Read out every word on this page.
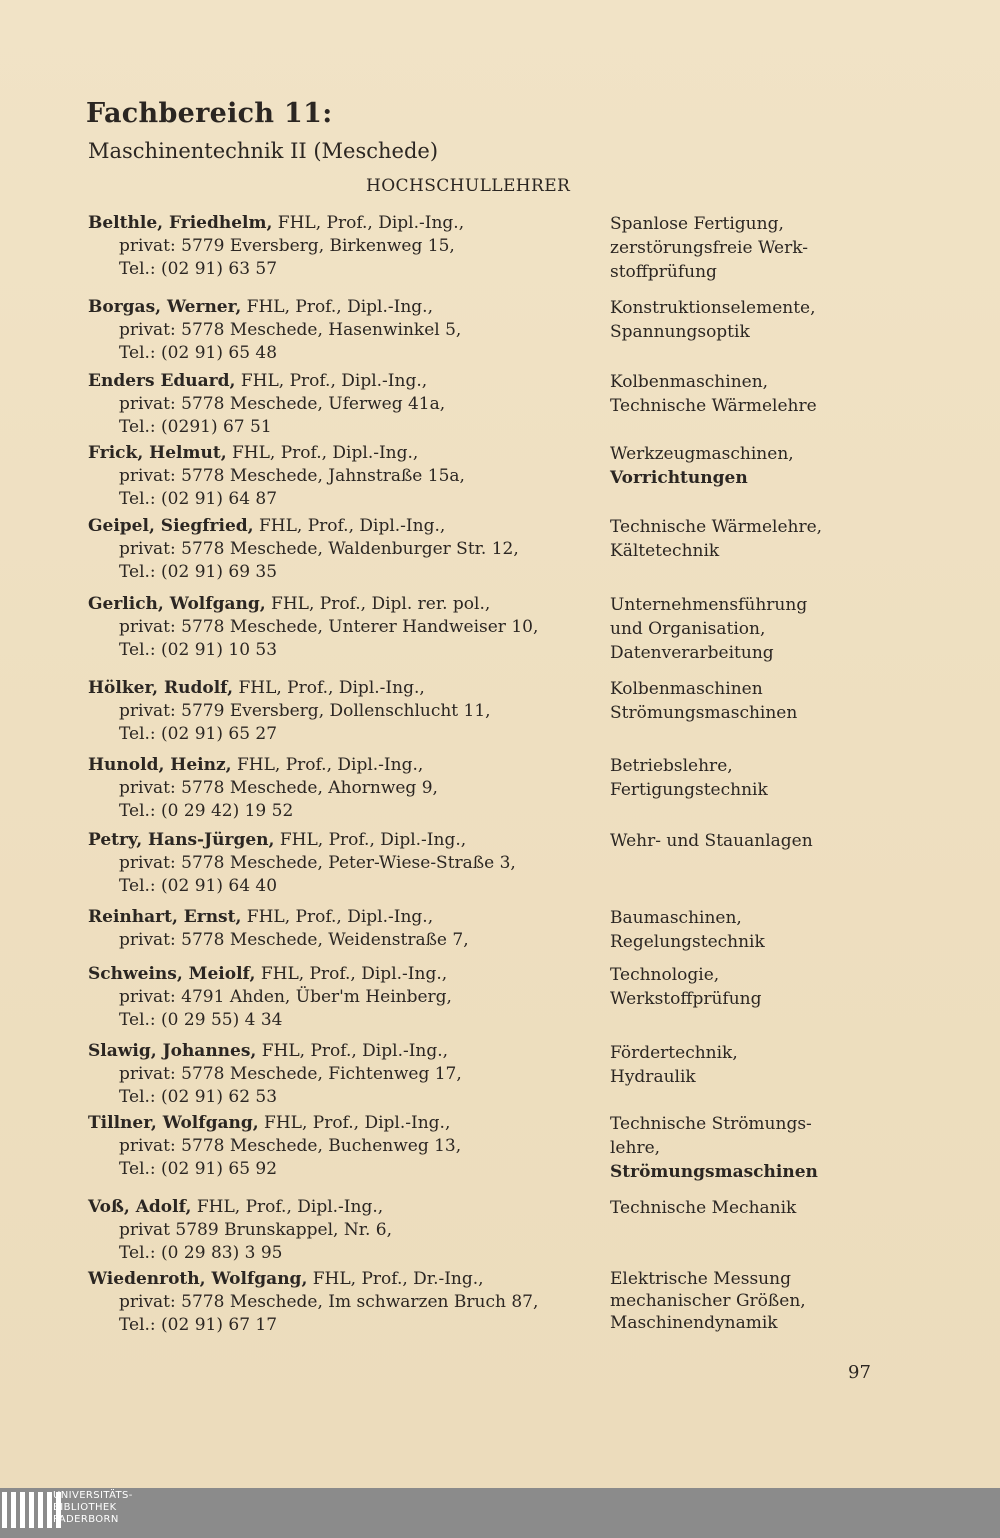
Fachbereich 11:
Maschinentechnik II (Meschede)
HOCHSCHULLEHRER
Belthle, Friedhelm, FHL, Prof., Dipl.-Ing.,
privat: 5779 Eversberg, Birkenweg 15,
Tel.: (02 91) 63 57
Spanlose Fertigung,
zerstörungsfreie Werk-
stoffprüfung
Borgas, Werner, FHL, Prof., Dipl.-Ing.,
privat: 5778 Meschede, Hasenwinkel 5,
Tel.: (02 91) 65 48
Konstruktionselemente,
Spannungsoptik
Enders Eduard, FHL, Prof., Dipl.-Ing.,
privat: 5778 Meschede, Uferweg 41a,
Tel.: (0291) 67 51
Kolbenmaschinen,
Technische Wärmelehre
Frick, Helmut, FHL, Prof., Dipl.-Ing.,
privat: 5778 Meschede, Jahnstraße 15a,
Tel.: (02 91) 64 87
Werkzeugmaschinen,
Vorrichtungen
Geipel, Siegfried, FHL, Prof., Dipl.-Ing.,
privat: 5778 Meschede, Waldenburger Str. 12,
Tel.: (02 91) 69 35
Technische Wärmelehre,
Kältetechnik
Gerlich, Wolfgang, FHL, Prof., Dipl. rer. pol.,
privat: 5778 Meschede, Unterer Handweiser 10,
Tel.: (02 91) 10 53
Unternehmensführung
und Organisation,
Datenverarbeitung
Hölker, Rudolf, FHL, Prof., Dipl.-Ing.,
privat: 5779 Eversberg, Dollenschlucht 11,
Tel.: (02 91) 65 27
Kolbenmaschinen
Strömungsmaschinen
Hunold, Heinz, FHL, Prof., Dipl.-Ing.,
privat: 5778 Meschede, Ahornweg 9,
Tel.: (0 29 42) 19 52
Betriebslehre,
Fertigungstechnik
Petry, Hans-Jürgen, FHL, Prof., Dipl.-Ing.,
privat: 5778 Meschede, Peter-Wiese-Straße 3,
Tel.: (02 91) 64 40
Wehr- und Stauanlagen
Reinhart, Ernst, FHL, Prof., Dipl.-Ing.,
privat: 5778 Meschede, Weidenstraße 7,
Baumaschinen,
Regelungstechnik
Schweins, Meiolf, FHL, Prof., Dipl.-Ing.,
privat: 4791 Ahden, Über'm Heinberg,
Tel.: (0 29 55) 4 34
Technologie,
Werkstoffprüfung
Slawig, Johannes, FHL, Prof., Dipl.-Ing.,
privat: 5778 Meschede, Fichtenweg 17,
Tel.: (02 91) 62 53
Fördertechnik,
Hydraulik
Tillner, Wolfgang, FHL, Prof., Dipl.-Ing.,
privat: 5778 Meschede, Buchenweg 13,
Tel.: (02 91) 65 92
Technische Strömungs-
lehre,
Strömungsmaschinen
Voß, Adolf, FHL, Prof., Dipl.-Ing.,
privat 5789 Brunskappel, Nr. 6,
Tel.: (0 29 83) 3 95
Technische Mechanik
Wiedenroth, Wolfgang, FHL, Prof., Dr.-Ing.,
privat: 5778 Meschede, Im schwarzen Bruch 87,
Tel.: (02 91) 67 17
Elektrische Messung
mechanischer Größen,
Maschinendynamik
97
UNIVERSITÄTS-
BIBLIOTHEK
PADERBORN
